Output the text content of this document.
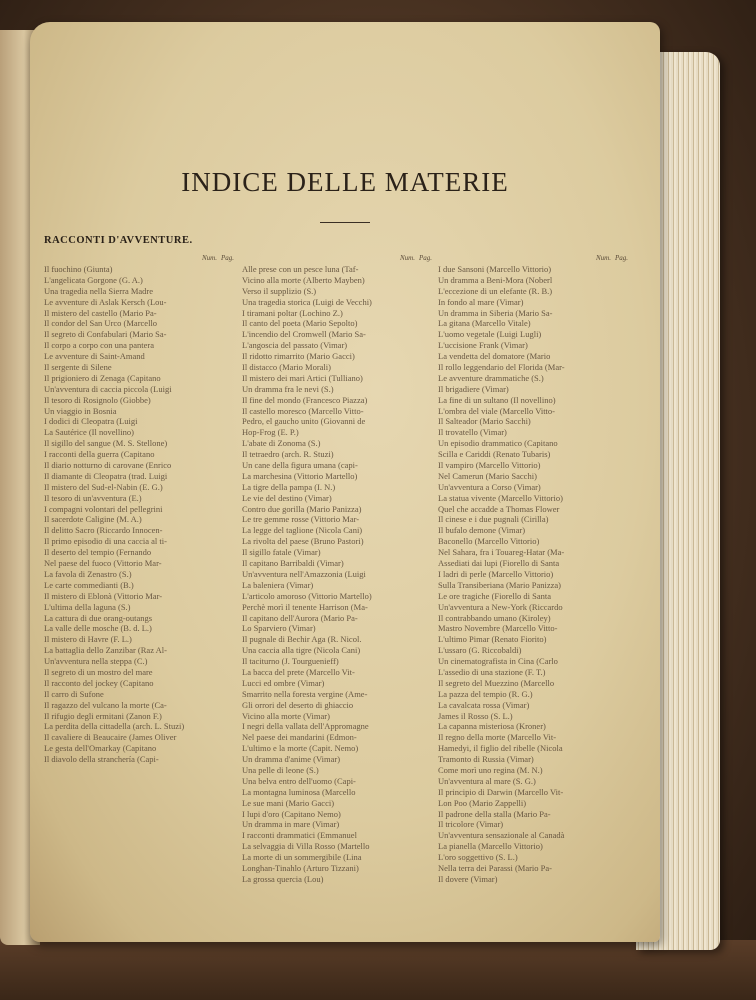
INDICE DELLE MATERIE
RACCONTI D'AVVENTURE.
Num. Pag.
Il fuochino (Giunta)
L'angelicata Gorgone (G. A.)
Una tragedia nella Sierra Madre
Le avventure di Aslak Kersch (Lou-
Il mistero del castello (Mario Pa-
Il condor del San Urco (Marcello
Il segreto di Confabulari (Mario Sa-
Il corpo a corpo con una pantera
Le avventure di Saint-Amand
Il sergente di Silene
Il prigioniero di Zenaga (Capitano
Un'avventura di caccia piccola (Luigi
Il tesoro di Rosignolo (Giobbe)
Un viaggio in Bosnia
I dodici di Cleopatra (Luigi
La Sautérice (Il novellino)
Il sigillo del sangue (M. S. Stellone)
I racconti della guerra (Capitano
Il diario notturno di carovane (Enrico
Il diamante di Cleopatra (trad. Luigi
Il mistero del Sud-el-Nabin (E. G.)
Il tesoro di un'avventura (E.)
I compagni volontari del pellegrini
Il sacerdote Caligine (M. A.)
Il delitto Sacro (Riccardo Innocen-
Il primo episodio di una caccia al ti-
Il deserto del tempio (Fernando
Nel paese del fuoco (Vittorio Mar-
La favola di Zenastro (S.)
Le carte commedianti (B.)
Il mistero di Eblonà (Vittorio Mar-
L'ultima della laguna (S.)
La cattura di due orang-outangs
La valle delle mosche (B. d. L.)
Il mistero di Havre (F. L.)
La battaglia dello Zanzibar (Raz Al-
Un'avventura nella steppa (C.)
Il segreto di un mostro del mare
Il racconto del jockey (Capitano
Il carro di Sufone
Il ragazzo del vulcano la morte (Ca-
Il rifugio degli ermitani (Zanon F.)
La perdita della cittadella (arch. L. Stuzi)
Il cavaliere di Beaucaire (James Oliver
Le gesta dell'Omarkay (Capitano
Il diavolo della stranchería (Capi-
Num. Pag.
Alle prese con un pesce luna (Taf-
Vicino alla morte (Alberto Mayben)
Verso il supplizio (S.)
Una tragedia storica (Luigi de Vecchi)
I tiramani poltar (Lochino Z.)
Il canto del poeta (Mario Sepolto)
L'incendio del Cromwell (Mario Sa-
L'angoscia del passato (Vimar)
Il ridotto rimarrito (Mario Gacci)
Il distacco (Mario Morali)
Il mistero dei mari Artici (Tulliano)
Un dramma fra le nevi (S.)
Il fine del mondo (Francesco Piazza)
Il castello moresco (Marcello Vitto-
Pedro, el gaucho unito (Giovanni de
Hop-Frog (E. P.)
L'abate di Zonoma (S.)
Il tetraedro (arch. R. Stuzi)
Un cane della figura umana (capi-
La marchesina (Vittorio Martello)
La tigre della pampa (I. N.)
Le vie del destino (Vimar)
Contro due gorilla (Mario Panizza)
Le tre gemme rosse (Vittorio Mar-
La legge del taglione (Nicola Cani)
La rivolta del paese (Bruno Pastori)
Il sigillo fatale (Vimar)
Il capitano Barribaldi (Vimar)
Un'avventura nell'Amazzonia (Luigi
La baleniera (Vimar)
L'articolo amoroso (Vittorio Martello)
Perchè morì il tenente Harrison (Ma-
Il capitano dell'Aurora (Mario Pa-
Lo Sparviero (Vimar)
Il pugnale di Bechir Aga (R. Nicol.
Una caccia alla tigre (Nicola Cani)
Il taciturno (J. Tourguenieff)
La bacca del prete (Marcello Vit-
Lucci ed ombre (Vimar)
Smarrito nella foresta vergine (Ame-
Gli orrori del deserto di ghiaccio
Vicino alla morte (Vimar)
I negri della vallata dell'Appromagne
Nel paese dei mandarini (Edmon-
L'ultimo e la morte (Capit. Nemo)
Un dramma d'anime (Vimar)
Una pelle di leone (S.)
Una belva entro dell'uomo (Capi-
La montagna luminosa (Marcello
Le sue mani (Mario Gacci)
I lupi d'oro (Capitano Nemo)
Un dramma in mare (Vimar)
I racconti drammatici (Emmanuel
La selvaggia di Villa Rosso (Martello
La morte di un sommergibile (Lina
Longhan-Tinahlo (Arturo Tizzani)
La grossa quercia (Lou)
Num. Pag.
I due Sansoni (Marcello Vittorio)
Un dramma a Beni-Mora (Noberl
L'eccezione di un elefante (R. B.)
In fondo al mare (Vimar)
Un dramma in Siberia (Mario Sa-
La gitana (Marcello Vitale)
L'uomo vegetale (Luigi Lugli)
L'uccisione Frank (Vimar)
La vendetta del domatore (Mario
Il rollo leggendario del Florida (Mar-
Le avventure drammatiche (S.)
Il brigadiere (Vimar)
La fine di un sultano (Il novellino)
L'ombra del viale (Marcello Vitto-
Il Salteador (Mario Sacchi)
Il trovatello (Vimar)
Un episodio drammatico (Capitano
Scilla e Cariddi (Renato Tubaris)
Il vampiro (Marcello Vittorio)
Nel Camerun (Mario Sacchi)
Un'avventura a Corso (Vimar)
La statua vivente (Marcello Vittorio)
Quel che accadde a Thomas Flower
Il cinese e i due pugnali (Cirilla)
Il bufalo demone (Vimar)
Baconello (Marcello Vittorio)
Nel Sahara, fra i Touareg-Hatar (Ma-
Assediati dai lupi (Fiorello di Santa
I ladri di perle (Marcello Vittorio)
Sulla Transiberiana (Mario Panizza)
Le ore tragiche (Fiorello di Santa
Un'avventura a New-York (Riccardo
Il contrabbando umano (Kiroley)
Mastro Novembre (Marcello Vitto-
L'ultimo Pimar (Renato Fiorito)
L'ussaro (G. Riccobaldi)
Un cinematografista in Cina (Carlo
L'assedio di una stazione (F. T.)
Il segreto del Muezzino (Marcello
La pazza del tempio (R. G.)
La cavalcata rossa (Vimar)
James il Rosso (S. L.)
La capanna misteriosa (Kroner)
Il regno della morte (Marcello Vit-
Hamedyi, il figlio del ribelle (Nicola
Tramonto di Russia (Vimar)
Come morì uno regina (M. N.)
Un'avventura al mare (S. G.)
Il principio di Darwin (Marcello Vit-
Lon Poo (Mario Zappelli)
Il padrone della stalla (Mario Pa-
Il tricolore (Vimar)
Un'avventura sensazionale al Canadà
La pianella (Marcello Vittorio)
L'oro soggettivo (S. L.)
Nella terra dei Parassi (Mario Pa-
Il dovere (Vimar)
